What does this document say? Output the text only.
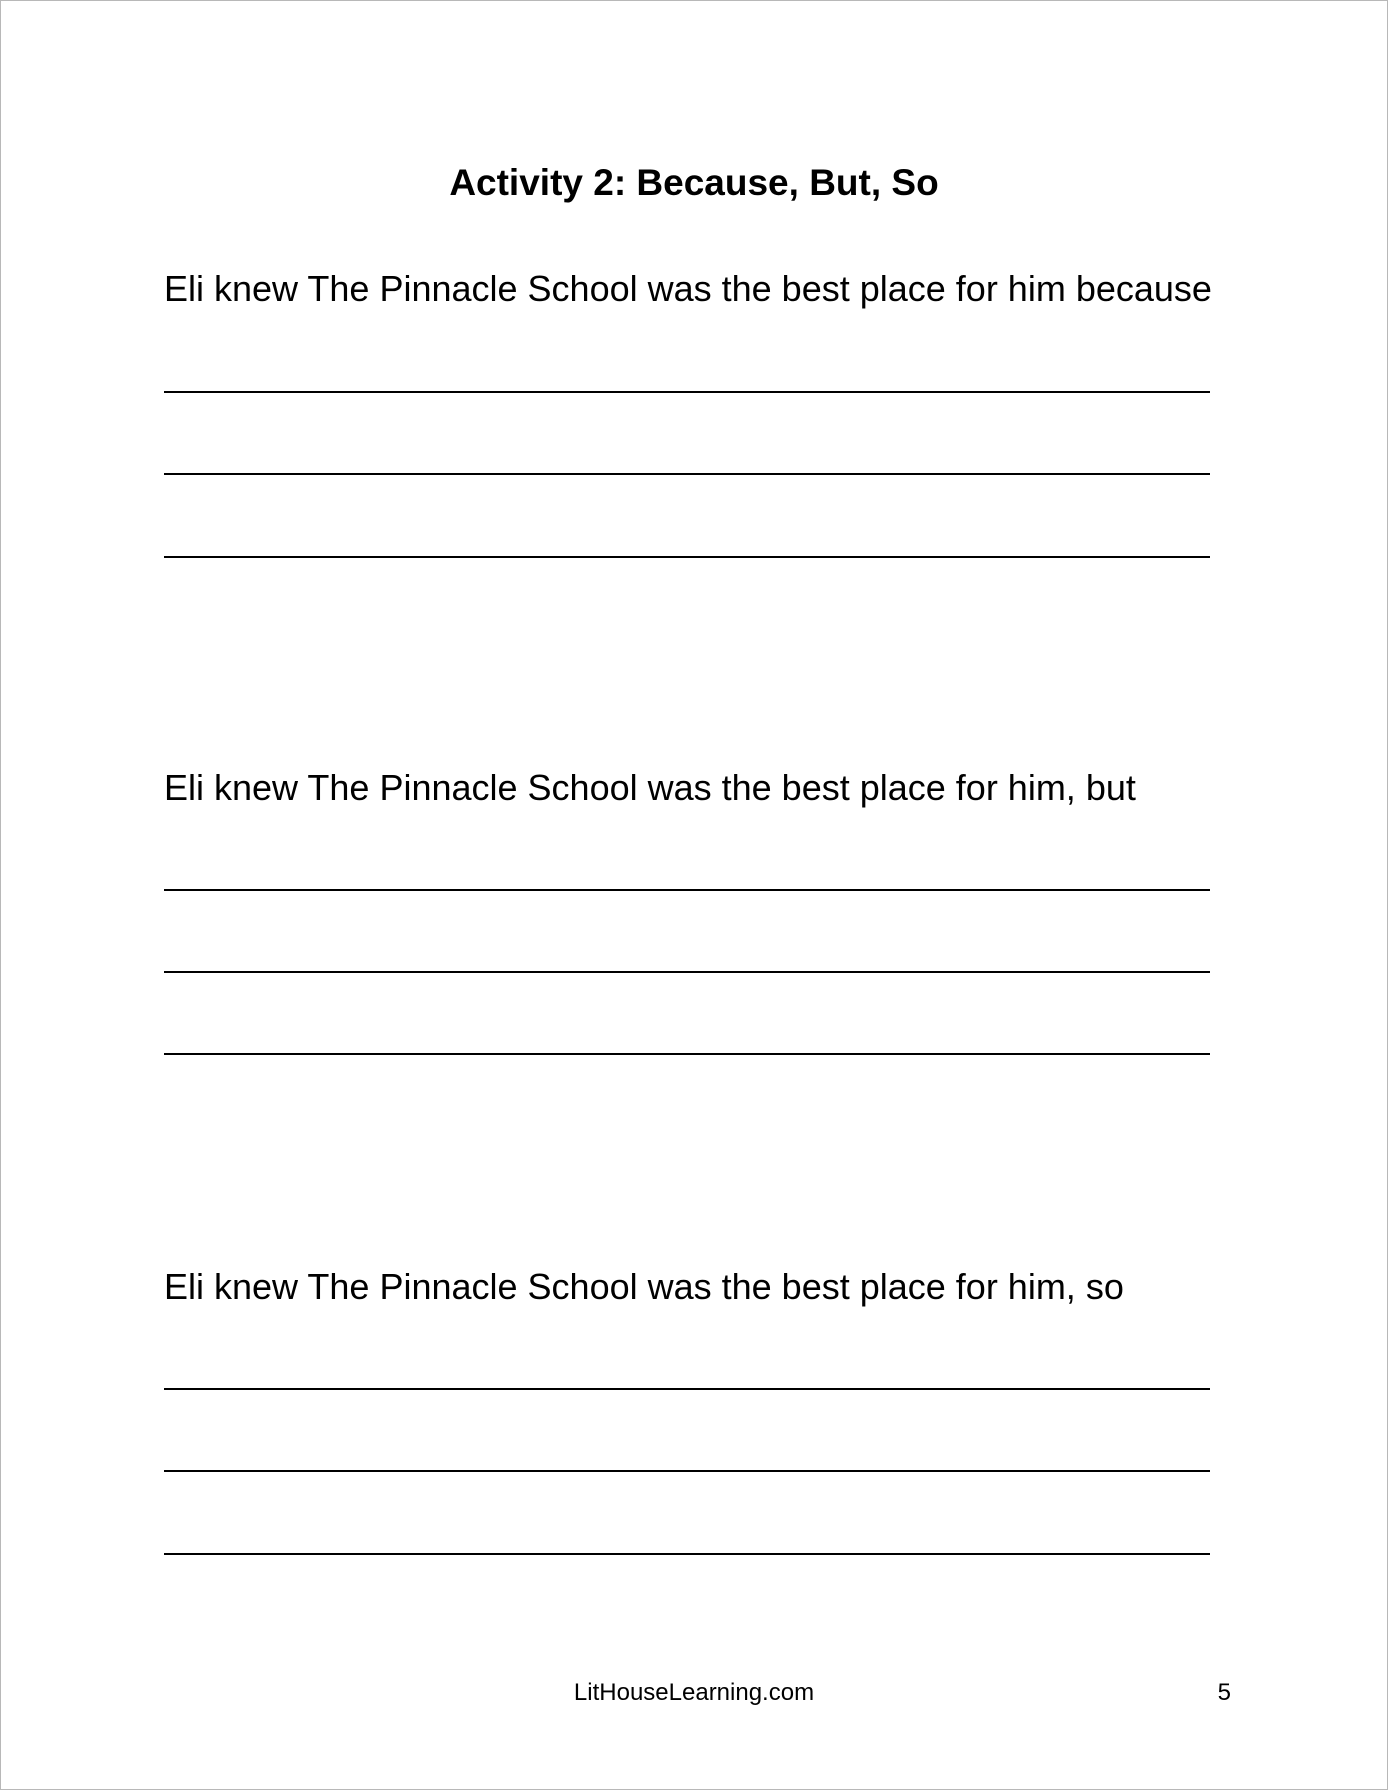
Activity 2: Because, But, So
Eli knew The Pinnacle School was the best place for him because
Eli knew The Pinnacle School was the best place for him, but
Eli knew The Pinnacle School was the best place for him, so
LitHouseLearning.com	5
